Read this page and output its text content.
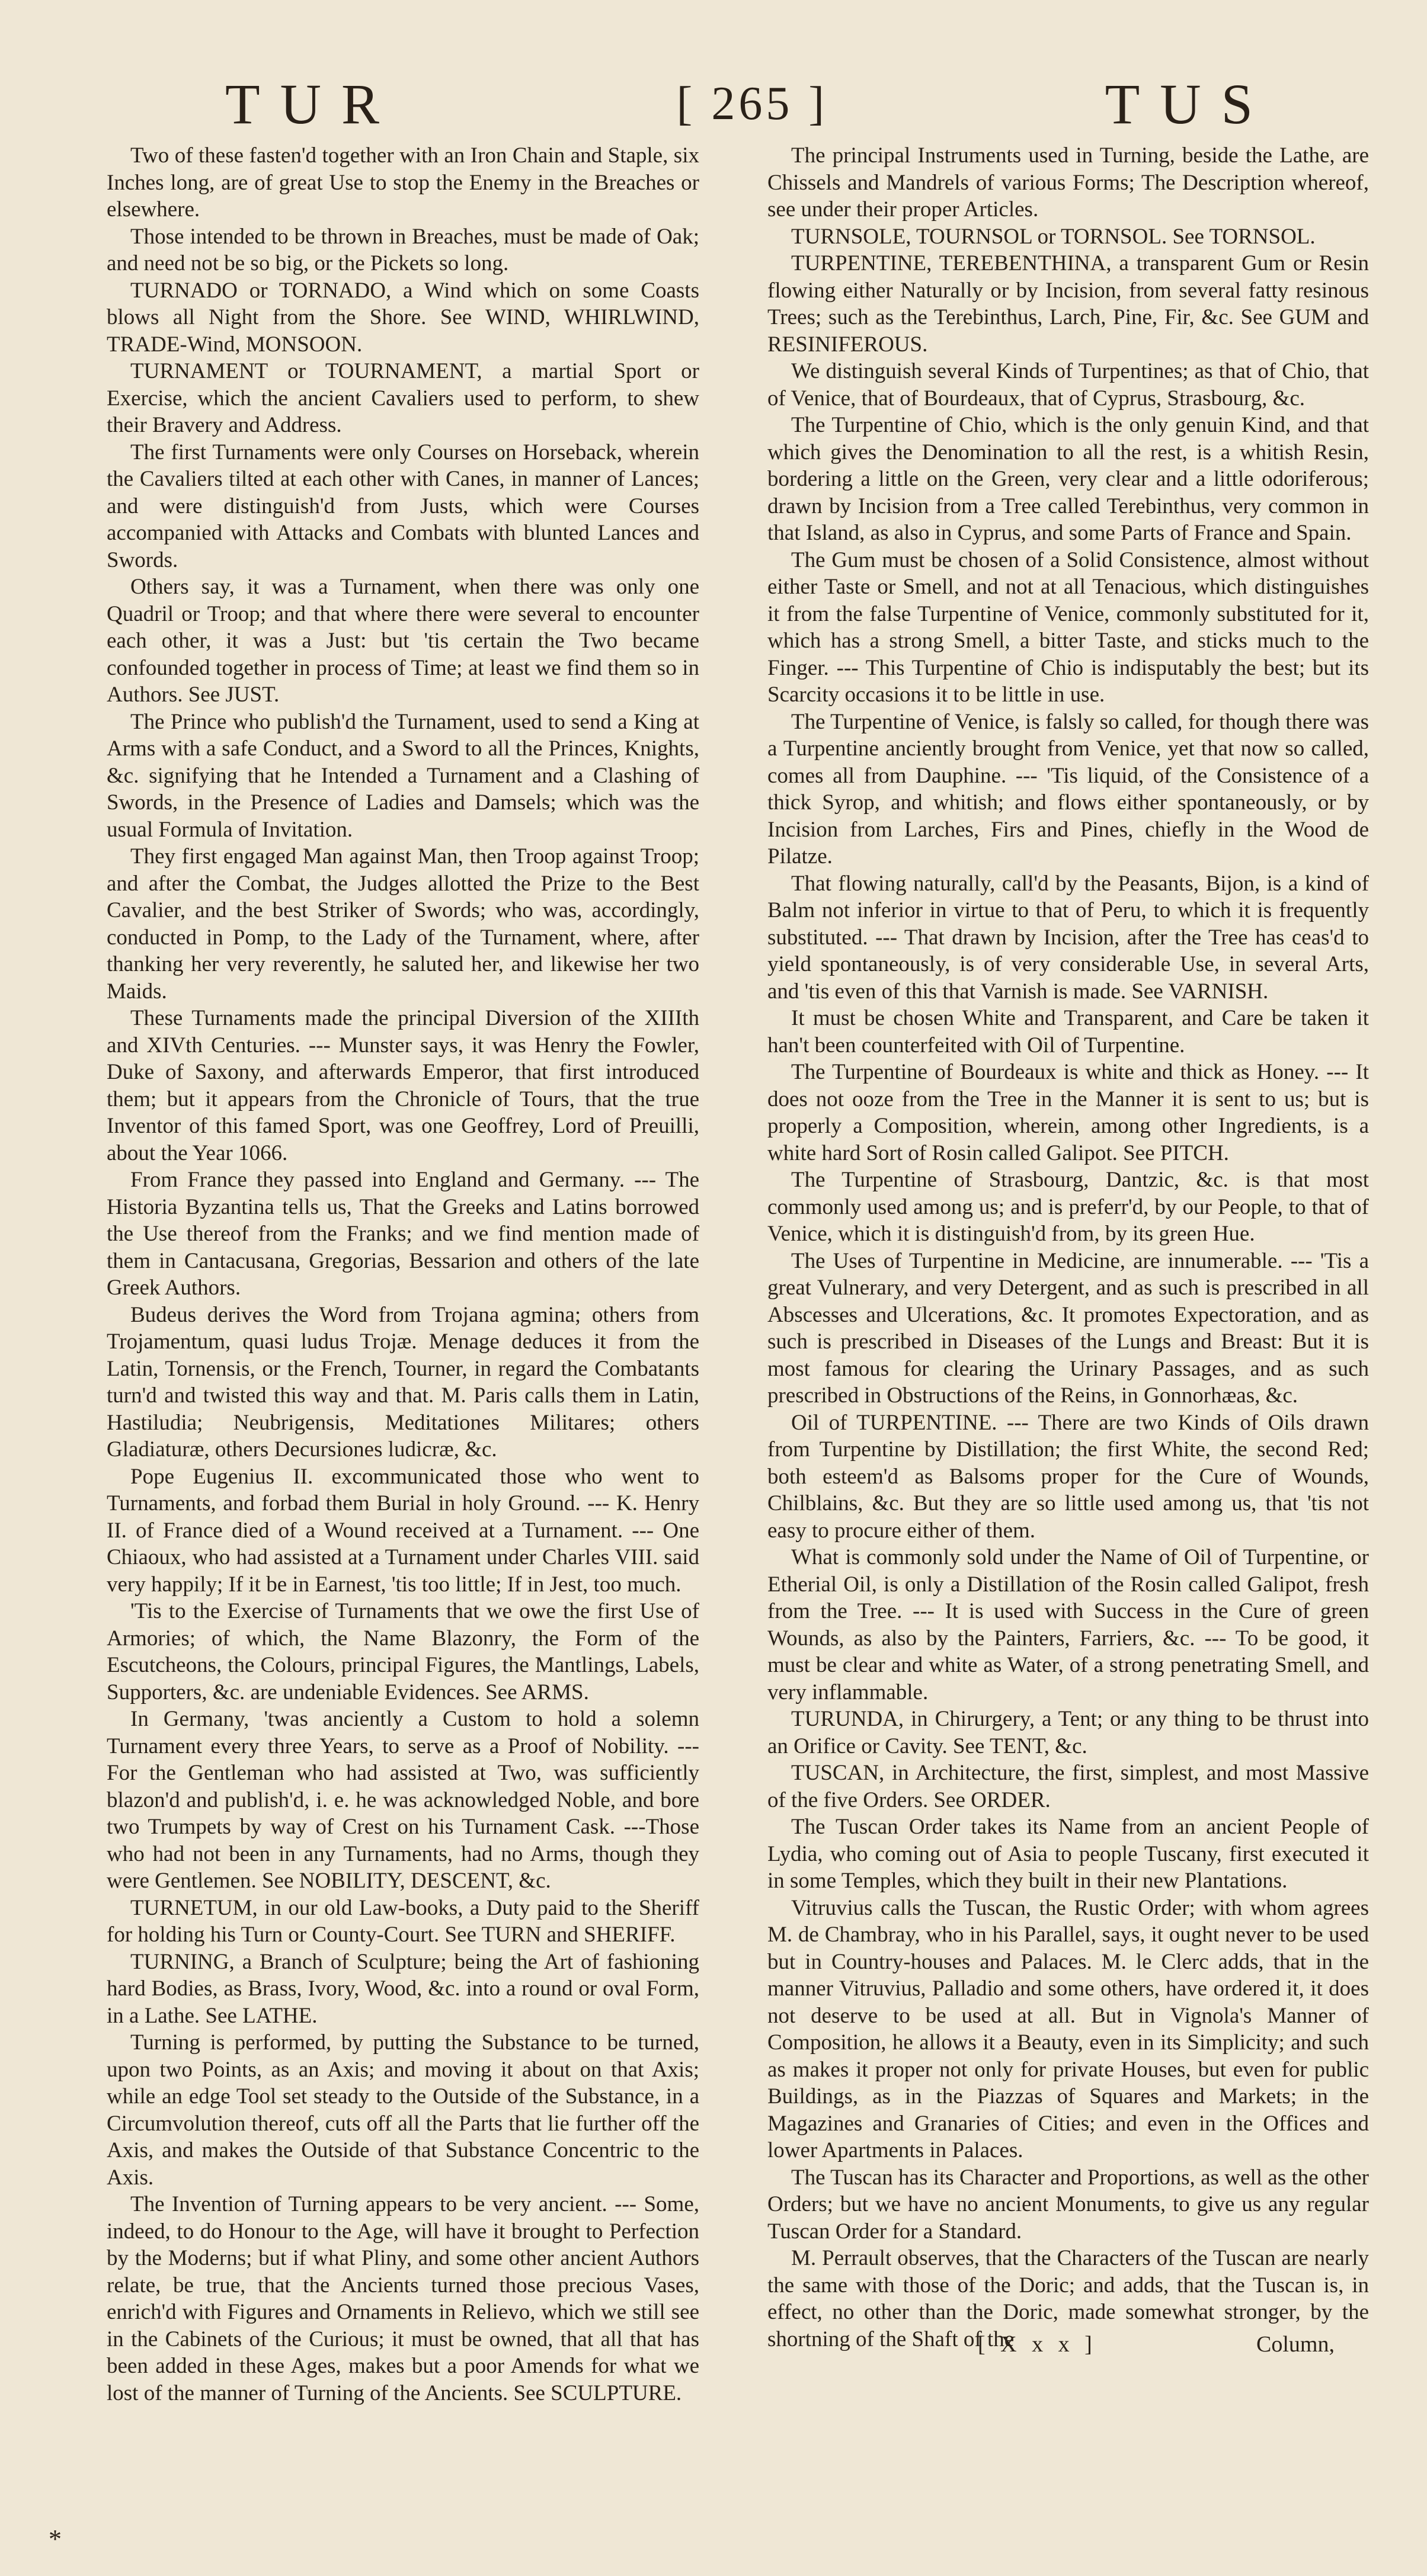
TUR	[ 265 ]	TUS

Two of these fasten'd together with an Iron Chain and Staple, six Inches long, are of great Use to stop the Enemy in the Breaches or elsewhere.

Those intended to be thrown in Breaches, must be made of Oak; and need not be so big, or the Pickets so long.

TURNADO or TORNADO, a Wind which on some Coasts blows all Night from the Shore. See WIND, WHIRLWIND, TRADE-Wind, MONSOON.

TURNAMENT or TOURNAMENT, a martial Sport or Exercise, which the ancient Cavaliers used to perform, to shew their Bravery and Address.

The first Turnaments were only Courses on Horseback, wherein the Cavaliers tilted at each other with Canes, in manner of Lances; and were distinguish'd from Justs, which were Courses accompanied with Attacks and Combats with blunted Lances and Swords.

Others say, it was a Turnament, when there was only one Quadril or Troop; and that where there were several to encounter each other, it was a Just: but 'tis certain the Two became confounded together in process of Time; at least we find them so in Authors. See JUST.

The Prince who publish'd the Turnament, used to send a King at Arms with a safe Conduct, and a Sword to all the Princes, Knights, &c. signifying that he Intended a Turnament and a Clashing of Swords, in the Presence of Ladies and Damsels; which was the usual Formula of Invitation.

They first engaged Man against Man, then Troop against Troop; and after the Combat, the Judges allotted the Prize to the Best Cavalier, and the best Striker of Swords; who was, accordingly, conducted in Pomp, to the Lady of the Turnament, where, after thanking her very reverently, he saluted her, and likewise her two Maids.

These Turnaments made the principal Diversion of the XIIIth and XIVth Centuries. --- Munster says, it was Henry the Fowler, Duke of Saxony, and afterwards Emperor, that first introduced them; but it appears from the Chronicle of Tours, that the true Inventor of this famed Sport, was one Geoffrey, Lord of Preuilli, about the Year 1066.

From France they passed into England and Germany. --- The Historia Byzantina tells us, That the Greeks and Latins borrowed the Use thereof from the Franks; and we find mention made of them in Cantacusana, Gregorias, Bessarion and others of the late Greek Authors.

Budeus derives the Word from Trojana agmina; others from Trojamentum, quasi ludus Trojæ. Menage deduces it from the Latin, Tornensis, or the French, Tourner, in regard the Combatants turn'd and twisted this way and that. M. Paris calls them in Latin, Hastiludia; Neubrigensis, Meditationes Militares; others Gladiaturæ, others Decursiones ludicræ, &c.

Pope Eugenius II. excommunicated those who went to Turnaments, and forbad them Burial in holy Ground. --- K. Henry II. of France died of a Wound received at a Turnament. --- One Chiaoux, who had assisted at a Turnament under Charles VIII. said very happily; If it be in Earnest, 'tis too little; If in Jest, too much.

'Tis to the Exercise of Turnaments that we owe the first Use of Armories; of which, the Name Blazonry, the Form of the Escutcheons, the Colours, principal Figures, the Mantlings, Labels, Supporters, &c. are undeniable Evidences. See ARMS.

In Germany, 'twas anciently a Custom to hold a solemn Turnament every three Years, to serve as a Proof of Nobility. --- For the Gentleman who had assisted at Two, was sufficiently blazon'd and publish'd, i. e. he was acknowledged Noble, and bore two Trumpets by way of Crest on his Turnament Cask. ---Those who had not been in any Turnaments, had no Arms, though they were Gentlemen. See NOBILITY, DESCENT, &c.

TURNETUM, in our old Law-books, a Duty paid to the Sheriff for holding his Turn or County-Court. See TURN and SHERIFF.

TURNING, a Branch of Sculpture; being the Art of fashioning hard Bodies, as Brass, Ivory, Wood, &c. into a round or oval Form, in a Lathe. See LATHE.

Turning is performed, by putting the Substance to be turned, upon two Points, as an Axis; and moving it about on that Axis; while an edge Tool set steady to the Outside of the Substance, in a Circumvolution thereof, cuts off all the Parts that lie further off the Axis, and makes the Outside of that Substance Concentric to the Axis.

The Invention of Turning appears to be very ancient. --- Some, indeed, to do Honour to the Age, will have it brought to Perfection by the Moderns; but if what Pliny, and some other ancient Authors relate, be true, that the Ancients turned those precious Vases, enrich'd with Figures and Ornaments in Relievo, which we still see in the Cabinets of the Curious; it must be owned, that all that has been added in these Ages, makes but a poor Amends for what we lost of the manner of Turning of the Ancients. See SCULPTURE.

The principal Instruments used in Turning, beside the Lathe, are Chissels and Mandrels of various Forms; The Description whereof, see under their proper Articles.

TURNSOLE, TOURNSOL or TORNSOL. See TORNSOL.

TURPENTINE, TEREBENTHINA, a transparent Gum or Resin flowing either Naturally or by Incision, from several fatty resinous Trees; such as the Terebinthus, Larch, Pine, Fir, &c. See GUM and RESINIFEROUS.

We distinguish several Kinds of Turpentines; as that of Chio, that of Venice, that of Bourdeaux, that of Cyprus, Strasbourg, &c.

The Turpentine of Chio, which is the only genuin Kind, and that which gives the Denomination to all the rest, is a whitish Resin, bordering a little on the Green, very clear and a little odoriferous; drawn by Incision from a Tree called Terebinthus, very common in that Island, as also in Cyprus, and some Parts of France and Spain.

The Gum must be chosen of a Solid Consistence, almost without either Taste or Smell, and not at all Tenacious, which distinguishes it from the false Turpentine of Venice, commonly substituted for it, which has a strong Smell, a bitter Taste, and sticks much to the Finger. --- This Turpentine of Chio is indisputably the best; but its Scarcity occasions it to be little in use.

The Turpentine of Venice, is falsly so called, for though there was a Turpentine anciently brought from Venice, yet that now so called, comes all from Dauphine. --- 'Tis liquid, of the Consistence of a thick Syrop, and whitish; and flows either spontaneously, or by Incision from Larches, Firs and Pines, chiefly in the Wood de Pilatze.

That flowing naturally, call'd by the Peasants, Bijon, is a kind of Balm not inferior in virtue to that of Peru, to which it is frequently substituted. --- That drawn by Incision, after the Tree has ceas'd to yield spontaneously, is of very considerable Use, in several Arts, and 'tis even of this that Varnish is made. See VARNISH.

It must be chosen White and Transparent, and Care be taken it han't been counterfeited with Oil of Turpentine.

The Turpentine of Bourdeaux is white and thick as Honey. --- It does not ooze from the Tree in the Manner it is sent to us; but is properly a Composition, wherein, among other Ingredients, is a white hard Sort of Rosin called Galipot. See PITCH.

The Turpentine of Strasbourg, Dantzic, &c. is that most commonly used among us; and is preferr'd, by our People, to that of Venice, which it is distinguish'd from, by its green Hue.

The Uses of Turpentine in Medicine, are innumerable. --- 'Tis a great Vulnerary, and very Detergent, and as such is prescribed in all Abscesses and Ulcerations, &c. It promotes Expectoration, and as such is prescribed in Diseases of the Lungs and Breast: But it is most famous for clearing the Urinary Passages, and as such prescribed in Obstructions of the Reins, in Gonnorhæas, &c.

Oil of TURPENTINE. --- There are two Kinds of Oils drawn from Turpentine by Distillation; the first White, the second Red; both esteem'd as Balsoms proper for the Cure of Wounds, Chilblains, &c. But they are so little used among us, that 'tis not easy to procure either of them.

What is commonly sold under the Name of Oil of Turpentine, or Etherial Oil, is only a Distillation of the Rosin called Galipot, fresh from the Tree. --- It is used with Success in the Cure of green Wounds, as also by the Painters, Farriers, &c. --- To be good, it must be clear and white as Water, of a strong penetrating Smell, and very inflammable.

TURUNDA, in Chirurgery, a Tent; or any thing to be thrust into an Orifice or Cavity. See TENT, &c.

TUSCAN, in Architecture, the first, simplest, and most Massive of the five Orders. See ORDER.

The Tuscan Order takes its Name from an ancient People of Lydia, who coming out of Asia to people Tuscany, first executed it in some Temples, which they built in their new Plantations.

Vitruvius calls the Tuscan, the Rustic Order; with whom agrees M. de Chambray, who in his Parallel, says, it ought never to be used but in Country-houses and Palaces. M. le Clerc adds, that in the manner Vitruvius, Palladio and some others, have ordered it, it does not deserve to be used at all. But in Vignola's Manner of Composition, he allows it a Beauty, even in its Simplicity; and such as makes it proper not only for private Houses, but even for public Buildings, as in the Piazzas of Squares and Markets; in the Magazines and Granaries of Cities; and even in the Offices and lower Apartments in Palaces.

The Tuscan has its Character and Proportions, as well as the other Orders; but we have no ancient Monuments, to give us any regular Tuscan Order for a Standard.

M. Perrault observes, that the Characters of the Tuscan are nearly the same with those of the Doric; and adds, that the Tuscan is, in effect, no other than the Doric, made somewhat stronger, by the shortning of the Shaft of the

[ X x x ]	Column,
*
